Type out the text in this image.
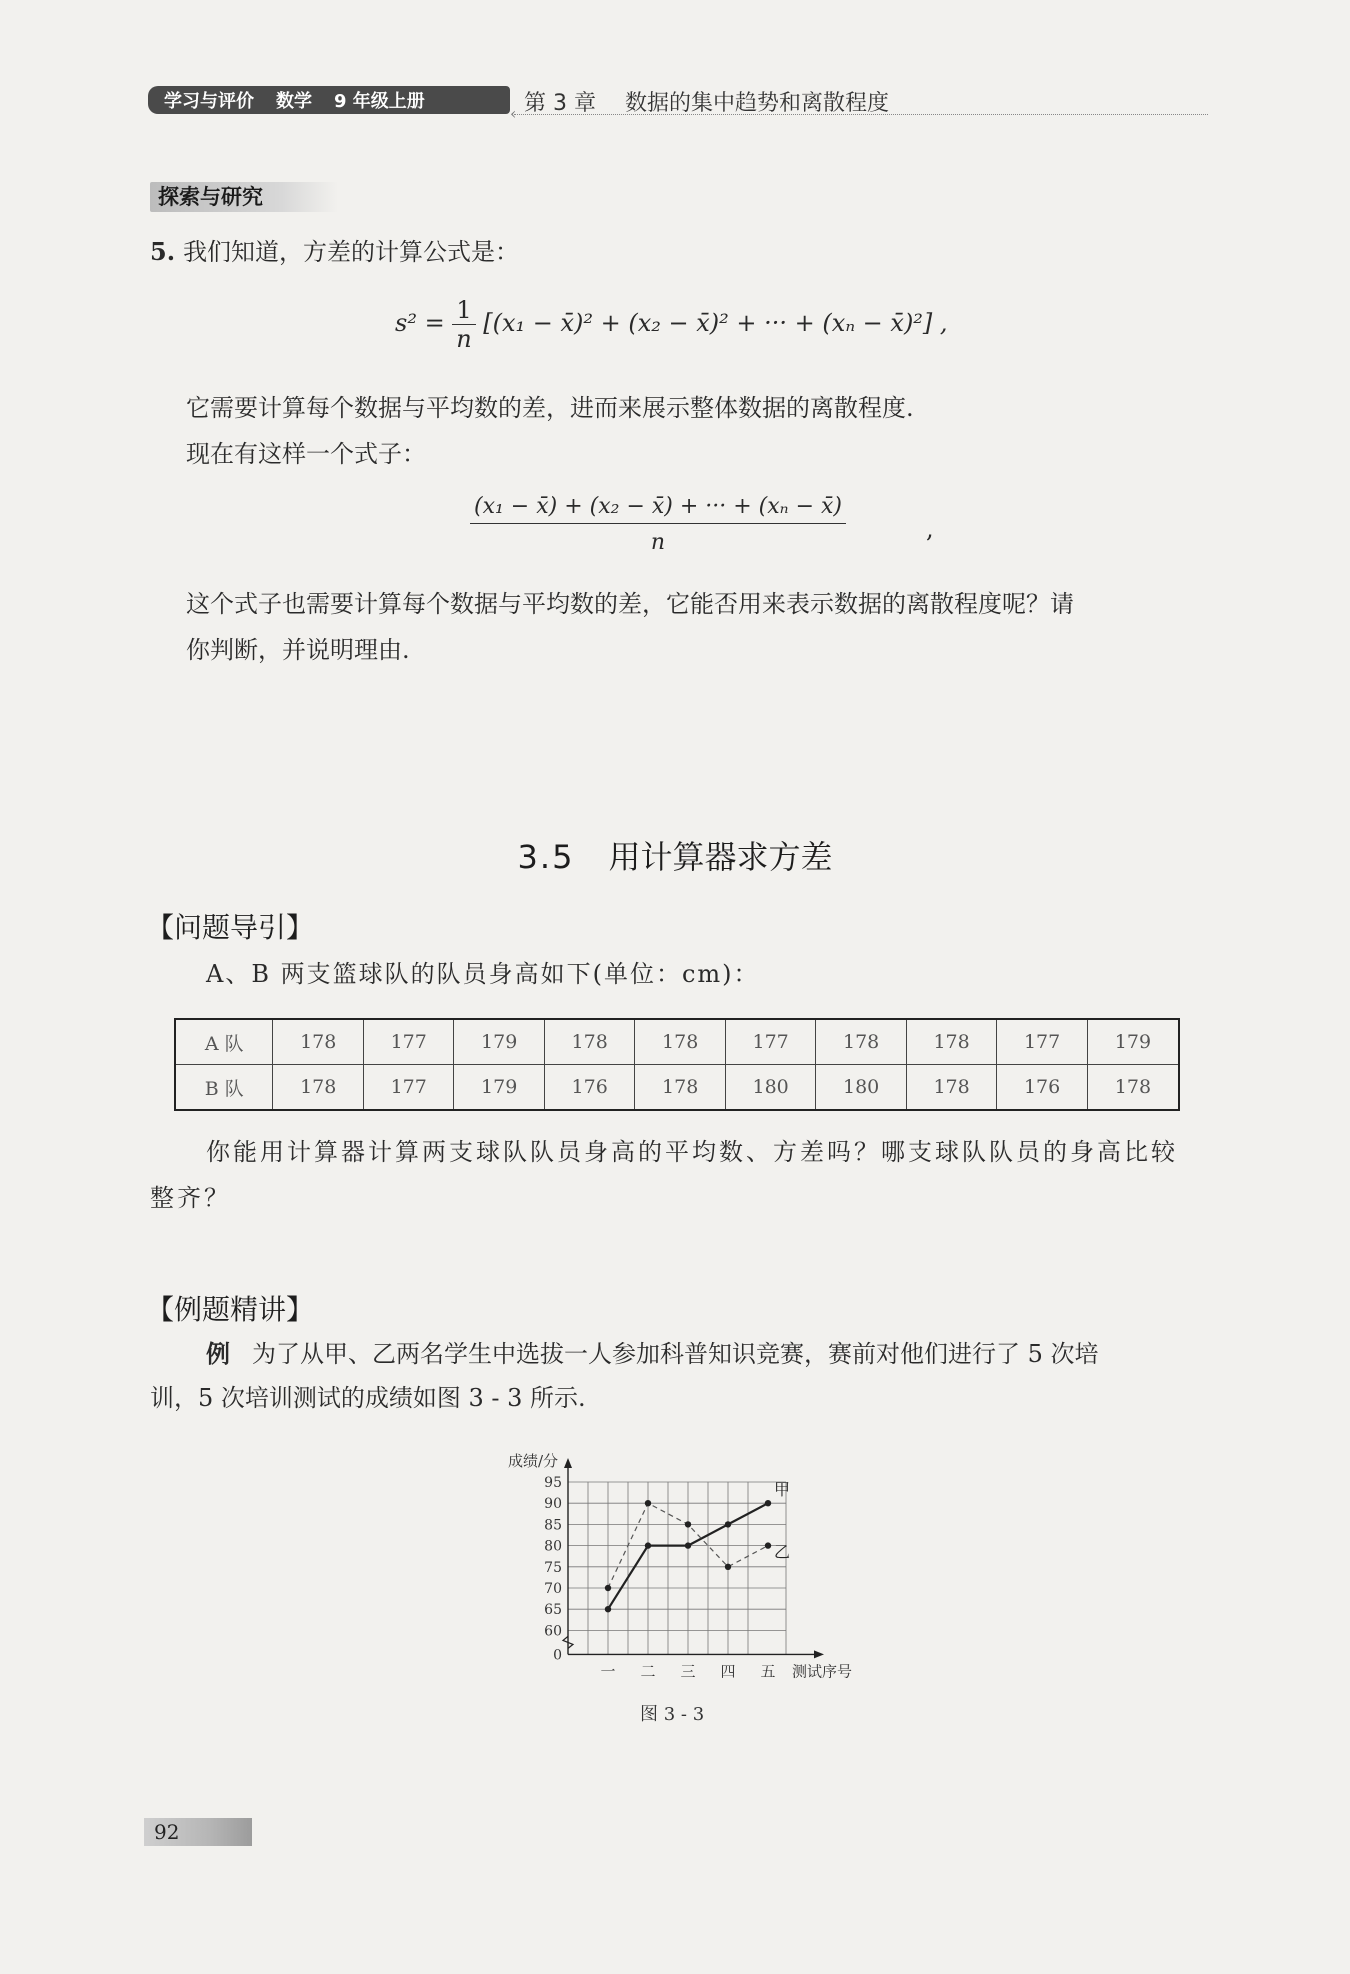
学习与评价 数学 9 年级上册	第 3 章 数据的集中趋势和离散程度
‹
探索与研究
5. 我们知道，方差的计算公式是：
$s^2 = \frac{1}{n} [(x_1$ − x̄)² + (x₂ − x̄)² + ··· + (xₙ − x̄)²] ,
它需要计算每个数据与平均数的差，进而来展示整体数据的离散程度.
现在有这样一个式子：
$\frac{\text{(x₁ − x̄) + (x₂ − x̄) + ··· + (xₙ − x̄)}}{n}$	,
这个式子也需要计算每个数据与平均数的差，它能否用来表示数据的离散程度呢？请
你判断，并说明理由.
3.5 用计算器求方差
【问题导引】
A、B 两支篮球队的队员身高如下(单位：cm)：
A 队	178	177	179	178	178	177	178	178	177	179
B 队	178	177	179	176	178	180	180	178	176	178
你能用计算器计算两支球队队员身高的平均数、方差吗？哪支球队队员的身高比较
整齐？
【例题精讲】
例 为了从甲、乙两名学生中选拔一人参加科普知识竞赛，赛前对他们进行了 5 次培
训，5 次培训测试的成绩如图 3 - 3 所示.
0
60
65
70
75
80
85
90
95
成绩/分
一 二 三 四 五 测试序号
甲
乙
图 3 - 3
92
